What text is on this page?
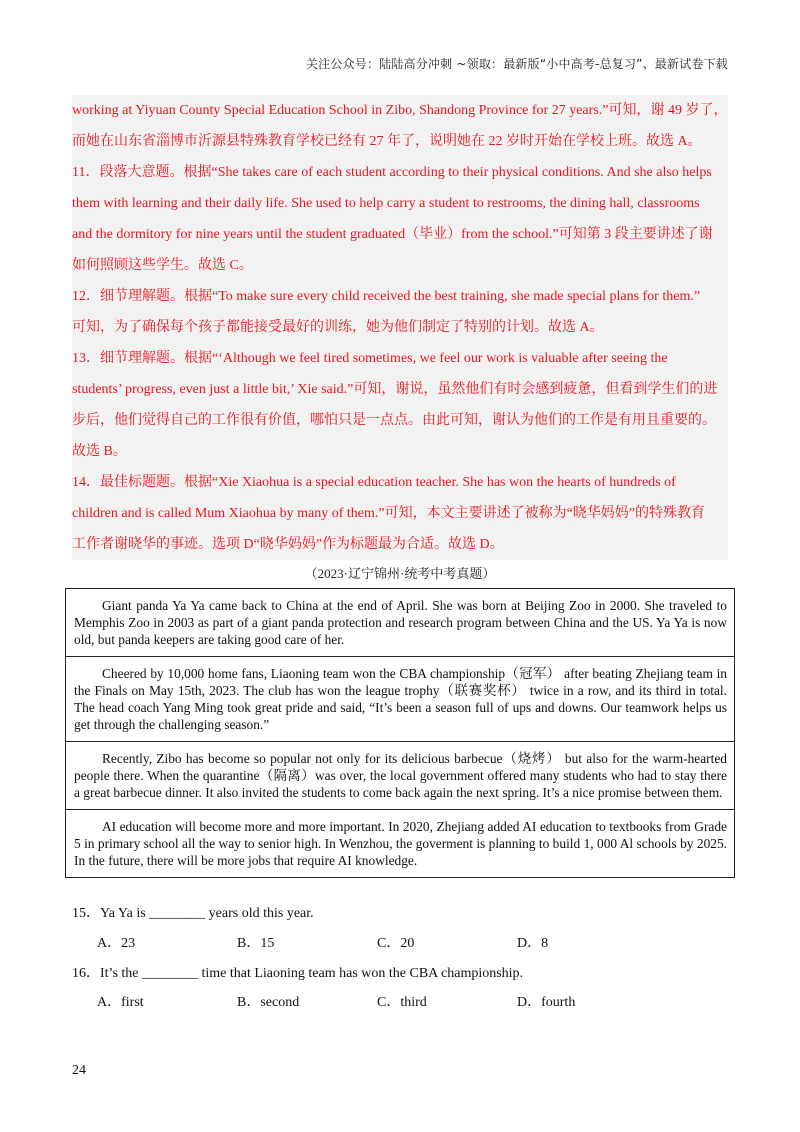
关注公众号：陆陆高分冲刺 ~领取：最新版“小中高考-总复习”、最新试卷下载

working at Yiyuan County Special Education School in Zibo, Shandong Province for 27 years.”可知，谢 49 岁了，

而她在山东省淄博市沂源县特殊教育学校已经有 27 年了，说明她在 22 岁时开始在学校上班。故选 A。

11．段落大意题。根据“She takes care of each student according to their physical conditions. And she also helps

them with learning and their daily life. She used to help carry a student to restrooms, the dining hall, classrooms

and the dormitory for nine years until the student graduated（毕业）from the school.”可知第 3 段主要讲述了谢

如何照顾这些学生。故选 C。

12．细节理解题。根据“To make sure every child received the best training, she made special plans for them.”

可知，为了确保每个孩子都能接受最好的训练，她为他们制定了特别的计划。故选 A。

13．细节理解题。根据“‘Although we feel tired sometimes, we feel our work is valuable after seeing the

students’ progress, even just a little bit,’ Xie said.”可知，谢说，虽然他们有时会感到疲惫，但看到学生们的进

步后，他们觉得自己的工作很有价值，哪怕只是一点点。由此可知，谢认为他们的工作是有用且重要的。

故选 B。

14．最佳标题题。根据“Xie Xiaohua is a special education teacher. She has won the hearts of hundreds of

children and is called Mum Xiaohua by many of them.”可知，本文主要讲述了被称为“晓华妈妈”的特殊教育

工作者谢晓华的事迹。选项 D“晓华妈妈”作为标题最为合适。故选 D。

（2023·辽宁锦州·统考中考真题）
Giant panda Ya Ya came back to China at the end of April. She was born at Beijing Zoo in 2000. She traveled to Memphis Zoo in 2003 as part of a giant panda protection and research program between China and the US. Ya Ya is now old, but panda keepers are taking good care of her.
Cheered by 10,000 home fans, Liaoning team won the CBA championship（冠军） after beating Zhejiang team in the Finals on May 15th, 2023. The club has won the league trophy（联赛奖杯） twice in a row, and its third in total. The head coach Yang Ming took great pride and said, “It’s been a season full of ups and downs. Our teamwork helps us get through the challenging season.”
Recently, Zibo has become so popular not only for its delicious barbecue（烧烤） but also for the warm-hearted people there. When the quarantine（隔离）was over, the local government offered many students who had to stay there a great barbecue dinner. It also invited the students to come back again the next spring. It’s a nice promise between them.
AI education will become more and more important. In 2020, Zhejiang added AI education to textbooks from Grade 5 in primary school all the way to senior high. In Wenzhou, the goverment is planning to build 1, 000 Al schools by 2025. In the future, there will be more jobs that require AI knowledge.
15．Ya Ya is ________ years old this year.
A．23	B．15	C．20	D．8
16．It’s the ________ time that Liaoning team has won the CBA championship.
A．first	B．second	C．third	D．fourth
24
